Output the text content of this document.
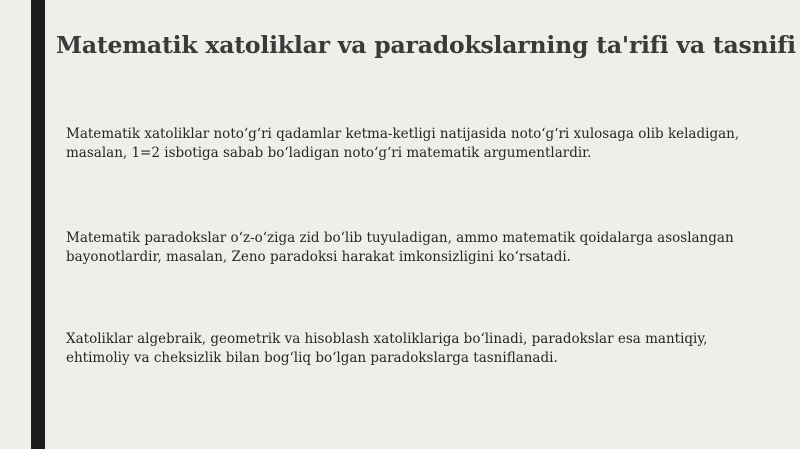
Matematik xatoliklar va paradokslarning ta'rifi va tasnifi

Matematik xatoliklar noto‘g‘ri qadamlar ketma-ketligi natijasida noto‘g‘ri xulosaga olib keladigan, masalan, 1=2 isbotiga sabab bo‘ladigan noto‘g‘ri matematik argumentlardir.

Matematik paradokslar o‘z-o‘ziga zid bo‘lib tuyuladigan, ammo matematik qoidalarga asoslangan bayonotlardir, masalan, Zeno paradoksi harakat imkonsizligini ko‘rsatadi.

Xatoliklar algebraik, geometrik va hisoblash xatoliklariga bo‘linadi, paradokslar esa mantiqiy, ehtimoliy va cheksizlik bilan bog‘liq bo‘lgan paradokslarga tasniflanadi.
